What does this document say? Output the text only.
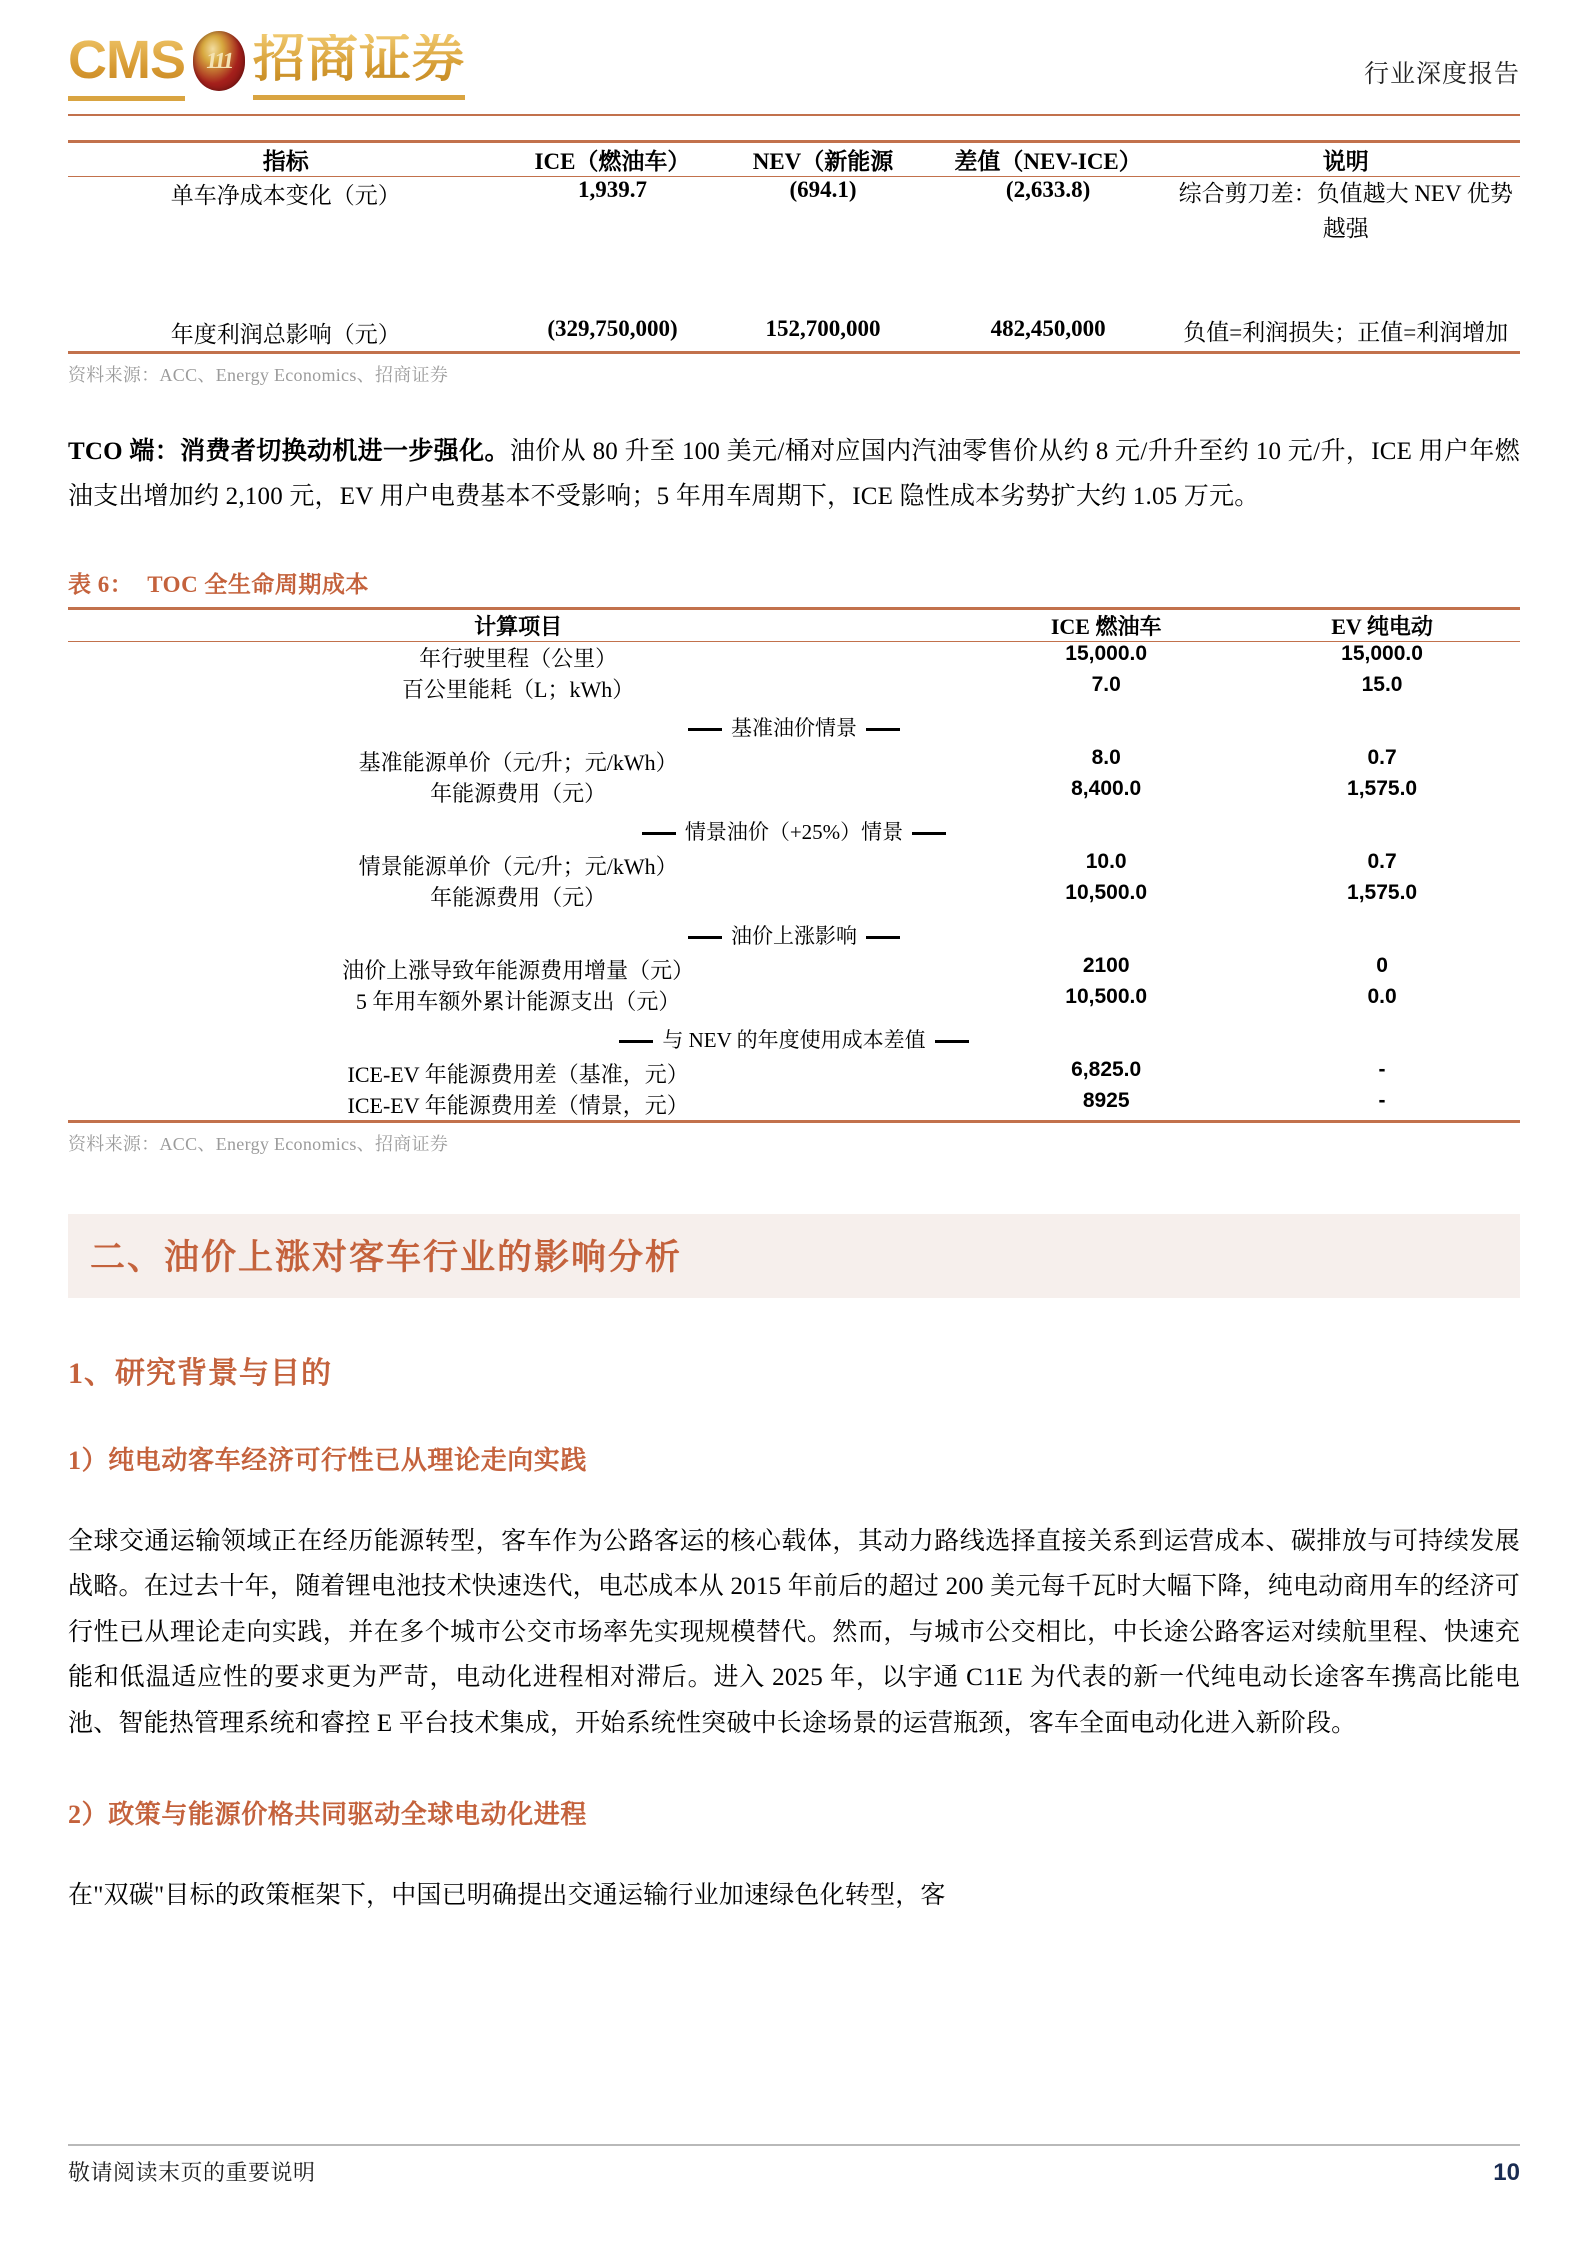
CMS 111 招商证券	行业深度报告
指标	ICE（燃油车）	NEV（新能源	差值（NEV-ICE）	说明
单车净成本变化（元）	1,939.7	(694.1)	(2,633.8)	综合剪刀差：负值越大 NEV 优势越强

年度利润总影响（元）	(329,750,000)	152,700,000	482,450,000	负值=利润损失；正值=利润增加
资料来源：ACC、Energy Economics、招商证券

TCO 端：消费者切换动机进一步强化。油价从 80 升至 100 美元/桶对应国内汽油零售价从约 8 元/升升至约 10 元/升，ICE 用户年燃油支出增加约 2,100 元，EV 用户电费基本不受影响；5 年用车周期下，ICE 隐性成本劣势扩大约 1.05 万元。

表 6： TOC 全生命周期成本
计算项目	ICE 燃油车	EV 纯电动
年行驶里程（公里）	15,000.0	15,000.0
百公里能耗（L；kWh）	7.0	15.0
基准油价情景		
基准能源单价（元/升；元/kWh）	8.0	0.7
年能源费用（元）	8,400.0	1,575.0
情景油价（+25%）情景		
情景能源单价（元/升；元/kWh）	10.0	0.7
年能源费用（元）	10,500.0	1,575.0
油价上涨影响		
油价上涨导致年能源费用增量（元）	2100	0
5 年用车额外累计能源支出（元）	10,500.0	0.0
与 NEV 的年度使用成本差值		
ICE-EV 年能源费用差（基准，元）	6,825.0	-
ICE-EV 年能源费用差（情景，元）	8925	-
资料来源：ACC、Energy Economics、招商证券
二、油价上涨对客车行业的影响分析
1、研究背景与目的
1）纯电动客车经济可行性已从理论走向实践

全球交通运输领域正在经历能源转型，客车作为公路客运的核心载体，其动力路线选择直接关系到运营成本、碳排放与可持续发展战略。在过去十年，随着锂电池技术快速迭代，电芯成本从 2015 年前后的超过 200 美元每千瓦时大幅下降，纯电动商用车的经济可行性已从理论走向实践，并在多个城市公交市场率先实现规模替代。然而，与城市公交相比，中长途公路客运对续航里程、快速充能和低温适应性的要求更为严苛，电动化进程相对滞后。进入 2025 年，以宇通 C11E 为代表的新一代纯电动长途客车携高比能电池、智能热管理系统和睿控 E 平台技术集成，开始系统性突破中长途场景的运营瓶颈，客车全面电动化进入新阶段。

2）政策与能源价格共同驱动全球电动化进程

在"双碳"目标的政策框架下，中国已明确提出交通运输行业加速绿色化转型，客

敬请阅读末页的重要说明	10
